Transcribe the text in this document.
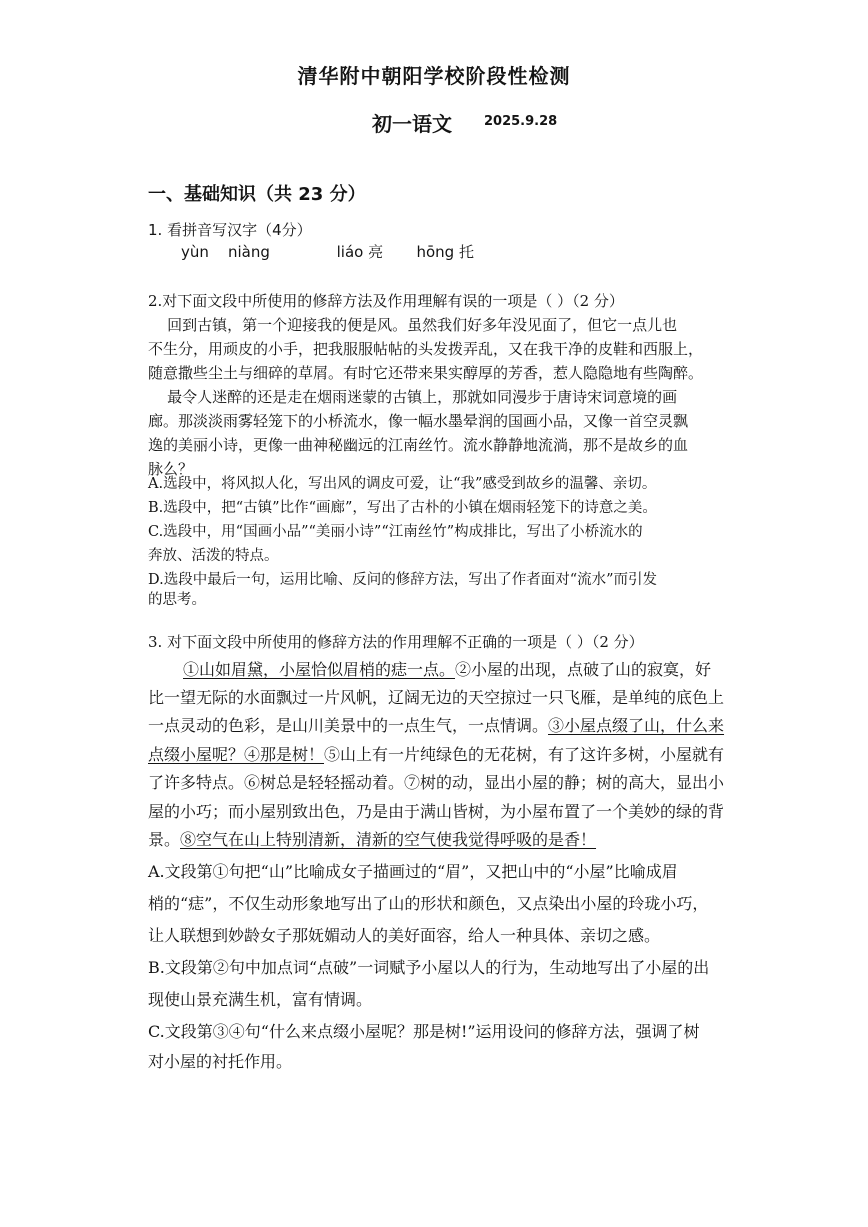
清华附中朝阳学校阶段性检测
初一语文 2025.9.28
一、基础知识（共 23 分）
1. 看拼音写汉字（4分）
yùn    niàng              liáo 亮       hōng 托
2.对下面文段中所使用的修辞方法及作用理解有误的一项是（ ）（2 分）
回到古镇，第一个迎接我的便是风。虽然我们好多年没见面了，但它一点儿也
不生分，用顽皮的小手，把我服服帖帖的头发拨弄乱，又在我干净的皮鞋和西服上，
随意撒些尘土与细碎的草屑。有时它还带来果实醇厚的芳香，惹人隐隐地有些陶醉。
最令人迷醉的还是走在烟雨迷蒙的古镇上，那就如同漫步于唐诗宋词意境的画
廊。那淡淡雨雾轻笼下的小桥流水，像一幅水墨晕润的国画小品，又像一首空灵飘
逸的美丽小诗，更像一曲神秘幽远的江南丝竹。流水静静地流淌，那不是故乡的血
脉么？
A.选段中，将风拟人化，写出风的调皮可爱，让“我”感受到故乡的温馨、亲切。
B.选段中，把“古镇”比作“画廊”，写出了古朴的小镇在烟雨轻笼下的诗意之美。
C.选段中，用“国画小品”“美丽小诗”“江南丝竹”构成排比，写出了小桥流水的
奔放、活泼的特点。
D.选段中最后一句，运用比喻、反问的修辞方法，写出了作者面对“流水”而引发
的思考。
3. 对下面文段中所使用的修辞方法的作用理解不正确的一项是（ ）（2 分）
①山如眉黛，小屋恰似眉梢的痣一点。②小屋的出现，点破了山的寂寞，好
比一望无际的水面飘过一片风帆，辽阔无边的天空掠过一只飞雁，是单纯的底色上
一点灵动的色彩，是山川美景中的一点生气，一点情调。③小屋点缀了山，什么来
点缀小屋呢？④那是树！⑤山上有一片纯绿色的无花树，有了这许多树，小屋就有
了许多特点。⑥树总是轻轻摇动着。⑦树的动，显出小屋的静；树的高大，显出小
屋的小巧；而小屋别致出色，乃是由于满山皆树，为小屋布置了一个美妙的绿的背
景。⑧空气在山上特别清新，清新的空气使我觉得呼吸的是香！
A.文段第①句把“山”比喻成女子描画过的“眉”，又把山中的“小屋”比喻成眉
梢的“痣”，不仅生动形象地写出了山的形状和颜色，又点染出小屋的玲珑小巧，
让人联想到妙龄女子那妩媚动人的美好面容，给人一种具体、亲切之感。
B.文段第②句中加点词“点破”一词赋予小屋以人的行为，生动地写出了小屋的出
现使山景充满生机，富有情调。
C.文段第③④句“什么来点缀小屋呢？那是树!”运用设问的修辞方法，强调了树
对小屋的衬托作用。
